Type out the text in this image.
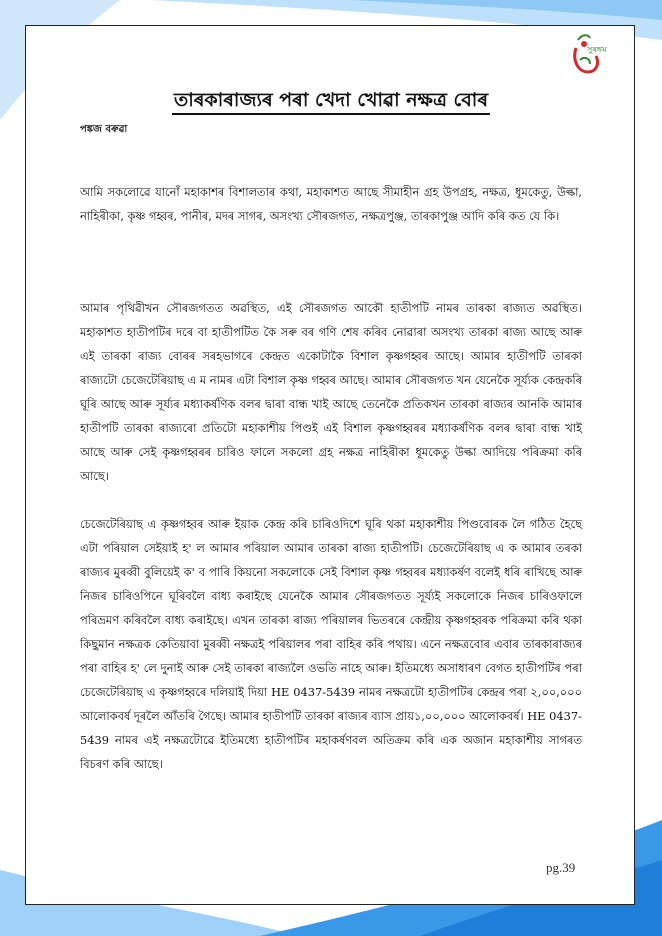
সুৰঙ্গম
তাৰকাৰাজ্যৰ পৰা খেদা খোৱা নক্ষত্ৰ বোৰ
পঙ্কজ বৰুৱা

আমি সকলোৱে যানোঁ মহাকাশৰ বিশালতাৰ কথা, মহাকাশত আছে সীমাহীন গ্ৰহ উপগ্ৰহ, নক্ষত্ৰ, ধূমকেতু, উল্কা, নাহিৰীকা, কৃষ্ণ গহ্বৰ, পানীৰ, মদৰ সাগৰ, অসংখ্য সৌৰজগত, নক্ষত্ৰপুঞ্জ, তাৰকাপুঞ্জ আদি কৰি কত যে কি।

আমাৰ পৃথিৱীখন সৌৰজগতত অৱস্থিত, এই সৌৰজগত আকৌ হাতীপটি নামৰ তাৰকা ৰাজ্যত অৱস্থিত। মহাকাশত হাতীপটিৰ দৰে বা হাতীপটিত কৈ সৰু বৰ গণি শেষ কৰিব নোৱাৰা অসংখ্য তাৰকা ৰাজ্য আছে আৰু এই তাৰকা ৰাজ্য বোৰৰ সৰহভাগৰে কেন্দ্ৰত একোটাকৈ বিশাল কৃষ্ণগহ্বৰ আছে। আমাৰ হাতীপটি তাৰকা ৰাজ্যটো চেজেটেৰিয়াছ এ ম নামৰ এটা বিশাল কৃষ্ণ গহ্বৰ আছে। আমাৰ সৌৰজগত খন যেনেকৈ সূৰ্য্যক কেন্দ্ৰকৰি ঘূৰি আছে আৰু সূৰ্য্যৰ মধ্যাকৰ্ষণিক বলৰ দ্বাৰা বান্ধ খাই আছে তেনেকৈ প্ৰতিকখন তাৰকা ৰাজ্যৰ আনকি আমাৰ হাতীপটি তাৰকা ৰাজ্যৰো প্ৰতিটো মহাকাশীয় পিণ্ডই এই বিশাল কৃষ্ণগহ্বৰৰ মধ্যাকৰ্ষণিক বলৰ দ্বাৰা বান্ধ খাই আছে আৰু সেই কৃষ্ণগহ্বৰৰ চাৰিও ফালে সকলো গ্ৰহ নক্ষত্ৰ নাহিৰীকা ধূমকেতু উল্কা আদিয়ে পৰিক্ৰমা কৰি আছে।

চেজেটেৰিয়াছ এ কৃষ্ণগহ্বৰ আৰু ইয়াক কেন্দ্ৰ কৰি চাৰিওদিশে ঘূৰি থকা মহাকাশীয় পিণ্ডবোৰক লৈ গঠিত হৈছে এটা পৰিয়াল সেইয়াই হ' ল আমাৰ পৰিয়াল আমাৰ তাৰকা ৰাজ্য হাতীপটি। চেজেটেৰিয়াছ এ ক আমাৰ তৰকা ৰাজ্যৰ মুৰব্বী বুলিয়েই ক' ব পাৰি কিয়নো সকলোকে সেই বিশাল কৃষ্ণ গহ্বৰৰ মধ্যাকৰ্ষণ বলেই ধৰি ৰাখিছে আৰু নিজৰ চাৰিওপিনে ঘূৰিবলৈ বাধ্য কৰাইছে যেনেকৈ আমাৰ সৌৰজগতত সূৰ্য্যই সকলোকে নিজৰ চাৰিওফালে পৰিভ্ৰমণ কৰিবলৈ বাধ্য কৰাইছে। এখন তাৰকা ৰাজ্য পৰিয়ালৰ ভিতৰৰে কেন্দ্ৰীয় কৃষ্ণগহ্বৰক পৰিক্ৰমা কৰি থকা কিছুমান নক্ষত্ৰক কেতিয়াবা মুৰব্বী নক্ষত্ৰই পৰিয়ালৰ পৰা বাহিৰ কৰি পথায়। এনে নক্ষত্ৰবোৰ এবাৰ তাৰকাৰাজ্যৰ পৰা বাহিৰ হ' লে দুনাই আৰু সেই তাৰকা ৰাজ্যলৈ ওভতি নাহে আৰু। ইতিমধ্যে অসাধাৰণ বেগত হাতীপটিৰ পৰা চেজেটেৰিয়াছ এ কৃষ্ণগহ্বৰে দলিয়াই দিয়া HE 0437-5439 নামৰ নক্ষত্ৰটো হাতীপটিৰ কেন্দ্ৰৰ পৰা ২,০০,০০০ আলোকবৰ্ষ দূৰলৈ আঁতৰি গৈছে। আমাৰ হাতীপটি তাৰকা ৰাজ্যৰ ব্যাস প্ৰায়১,০০,০০০ আলোকবৰ্ষ। HE 0437-5439 নামৰ এই নক্ষত্ৰটোৱে ইতিমধ্যে হাতীপটিৰ মহাকৰ্ষণবল অতিক্ৰম কৰি এক অজান মহাকাশীয় সাগৰত বিচৰণ কৰি আছে।

pg.39
